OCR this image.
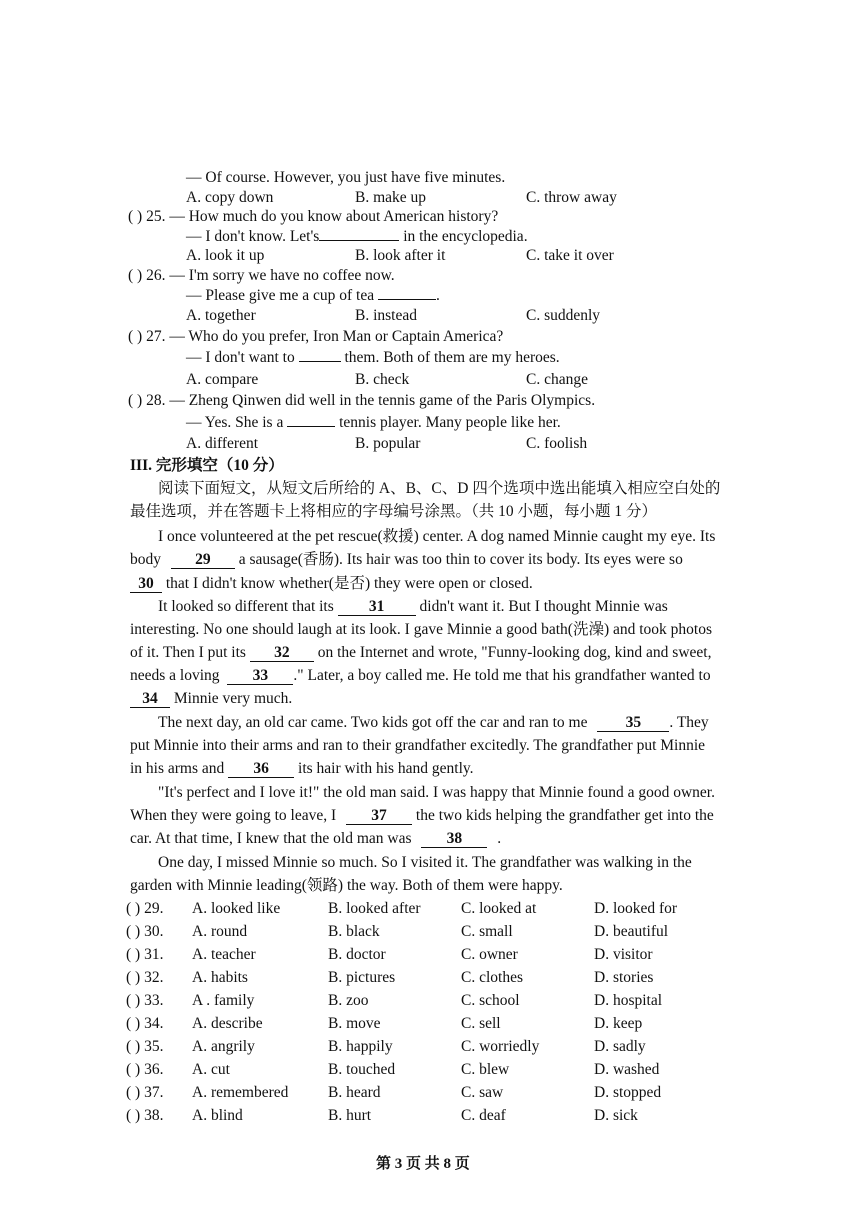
— Of course. However, you just have five minutes.
A. copy down	B. make up	C. throw away
( ) 25. — How much do you know about American history?
— I don't know. Let's	in the encyclopedia.
A. look it up	B. look after it	C. take it over
( ) 26. — I'm sorry we have no coffee now.
— Please give me a cup of tea	.
A. together	B. instead	C. suddenly
( ) 27. — Who do you prefer, Iron Man or Captain America?
— I don't want to	them. Both of them are my heroes.
A. compare	B. check	C. change
( ) 28. — Zheng Qinwen did well in the tennis game of the Paris Olympics.
— Yes. She is a	tennis player. Many people like her.
A. different	B. popular	C. foolish
III. 完形填空（10 分）
阅读下面短文，从短文后所给的 A、B、C、D 四个选项中选出能填入相应空白处的
最佳选项，并在答题卡上将相应的字母编号涂黑。（共 10 小题，每小题 1 分）
I once volunteered at the pet rescue(救援) center. A dog named Minnie caught my eye. Its
body 29 a sausage(香肠). Its hair was too thin to cover its body. Its eyes were so
30 that I didn't know whether(是否) they were open or closed.
It looked so different that its 31 didn't want it. But I thought Minnie was
interesting. No one should laugh at its look. I gave Minnie a good bath(洗澡) and took photos
of it. Then I put its 32 on the Internet and wrote, "Funny-looking dog, kind and sweet,
needs a loving 33 ." Later, a boy called me. He told me that his grandfather wanted to
34 Minnie very much.
The next day, an old car came. Two kids got off the car and ran to me 35 . They
put Minnie into their arms and ran to their grandfather excitedly. The grandfather put Minnie
in his arms and 36 its hair with his hand gently.
"It's perfect and I love it!" the old man said. I was happy that Minnie found a good owner.
When they were going to leave, I 37 the two kids helping the grandfather get into the
car. At that time, I knew that the old man was 38 .
One day, I missed Minnie so much. So I visited it. The grandfather was walking in the
garden with Minnie leading(领路) the way. Both of them were happy.
( ) 29. A. looked like	B. looked after	C. looked at	D. looked for
( ) 30. A. round	B. black	C. small	D. beautiful
( ) 31. A. teacher	B. doctor	C. owner	D. visitor
( ) 32. A. habits	B. pictures	C. clothes	D. stories
( ) 33. A . family	B. zoo	C. school	D. hospital
( ) 34. A. describe	B. move	C. sell	D. keep
( ) 35. A. angrily	B. happily	C. worriedly	D. sadly
( ) 36. A. cut	B. touched	C. blew	D. washed
( ) 37. A. remembered	B. heard	C. saw	D. stopped
( ) 38. A. blind	B. hurt	C. deaf	D. sick
第 3 页 共 8 页
